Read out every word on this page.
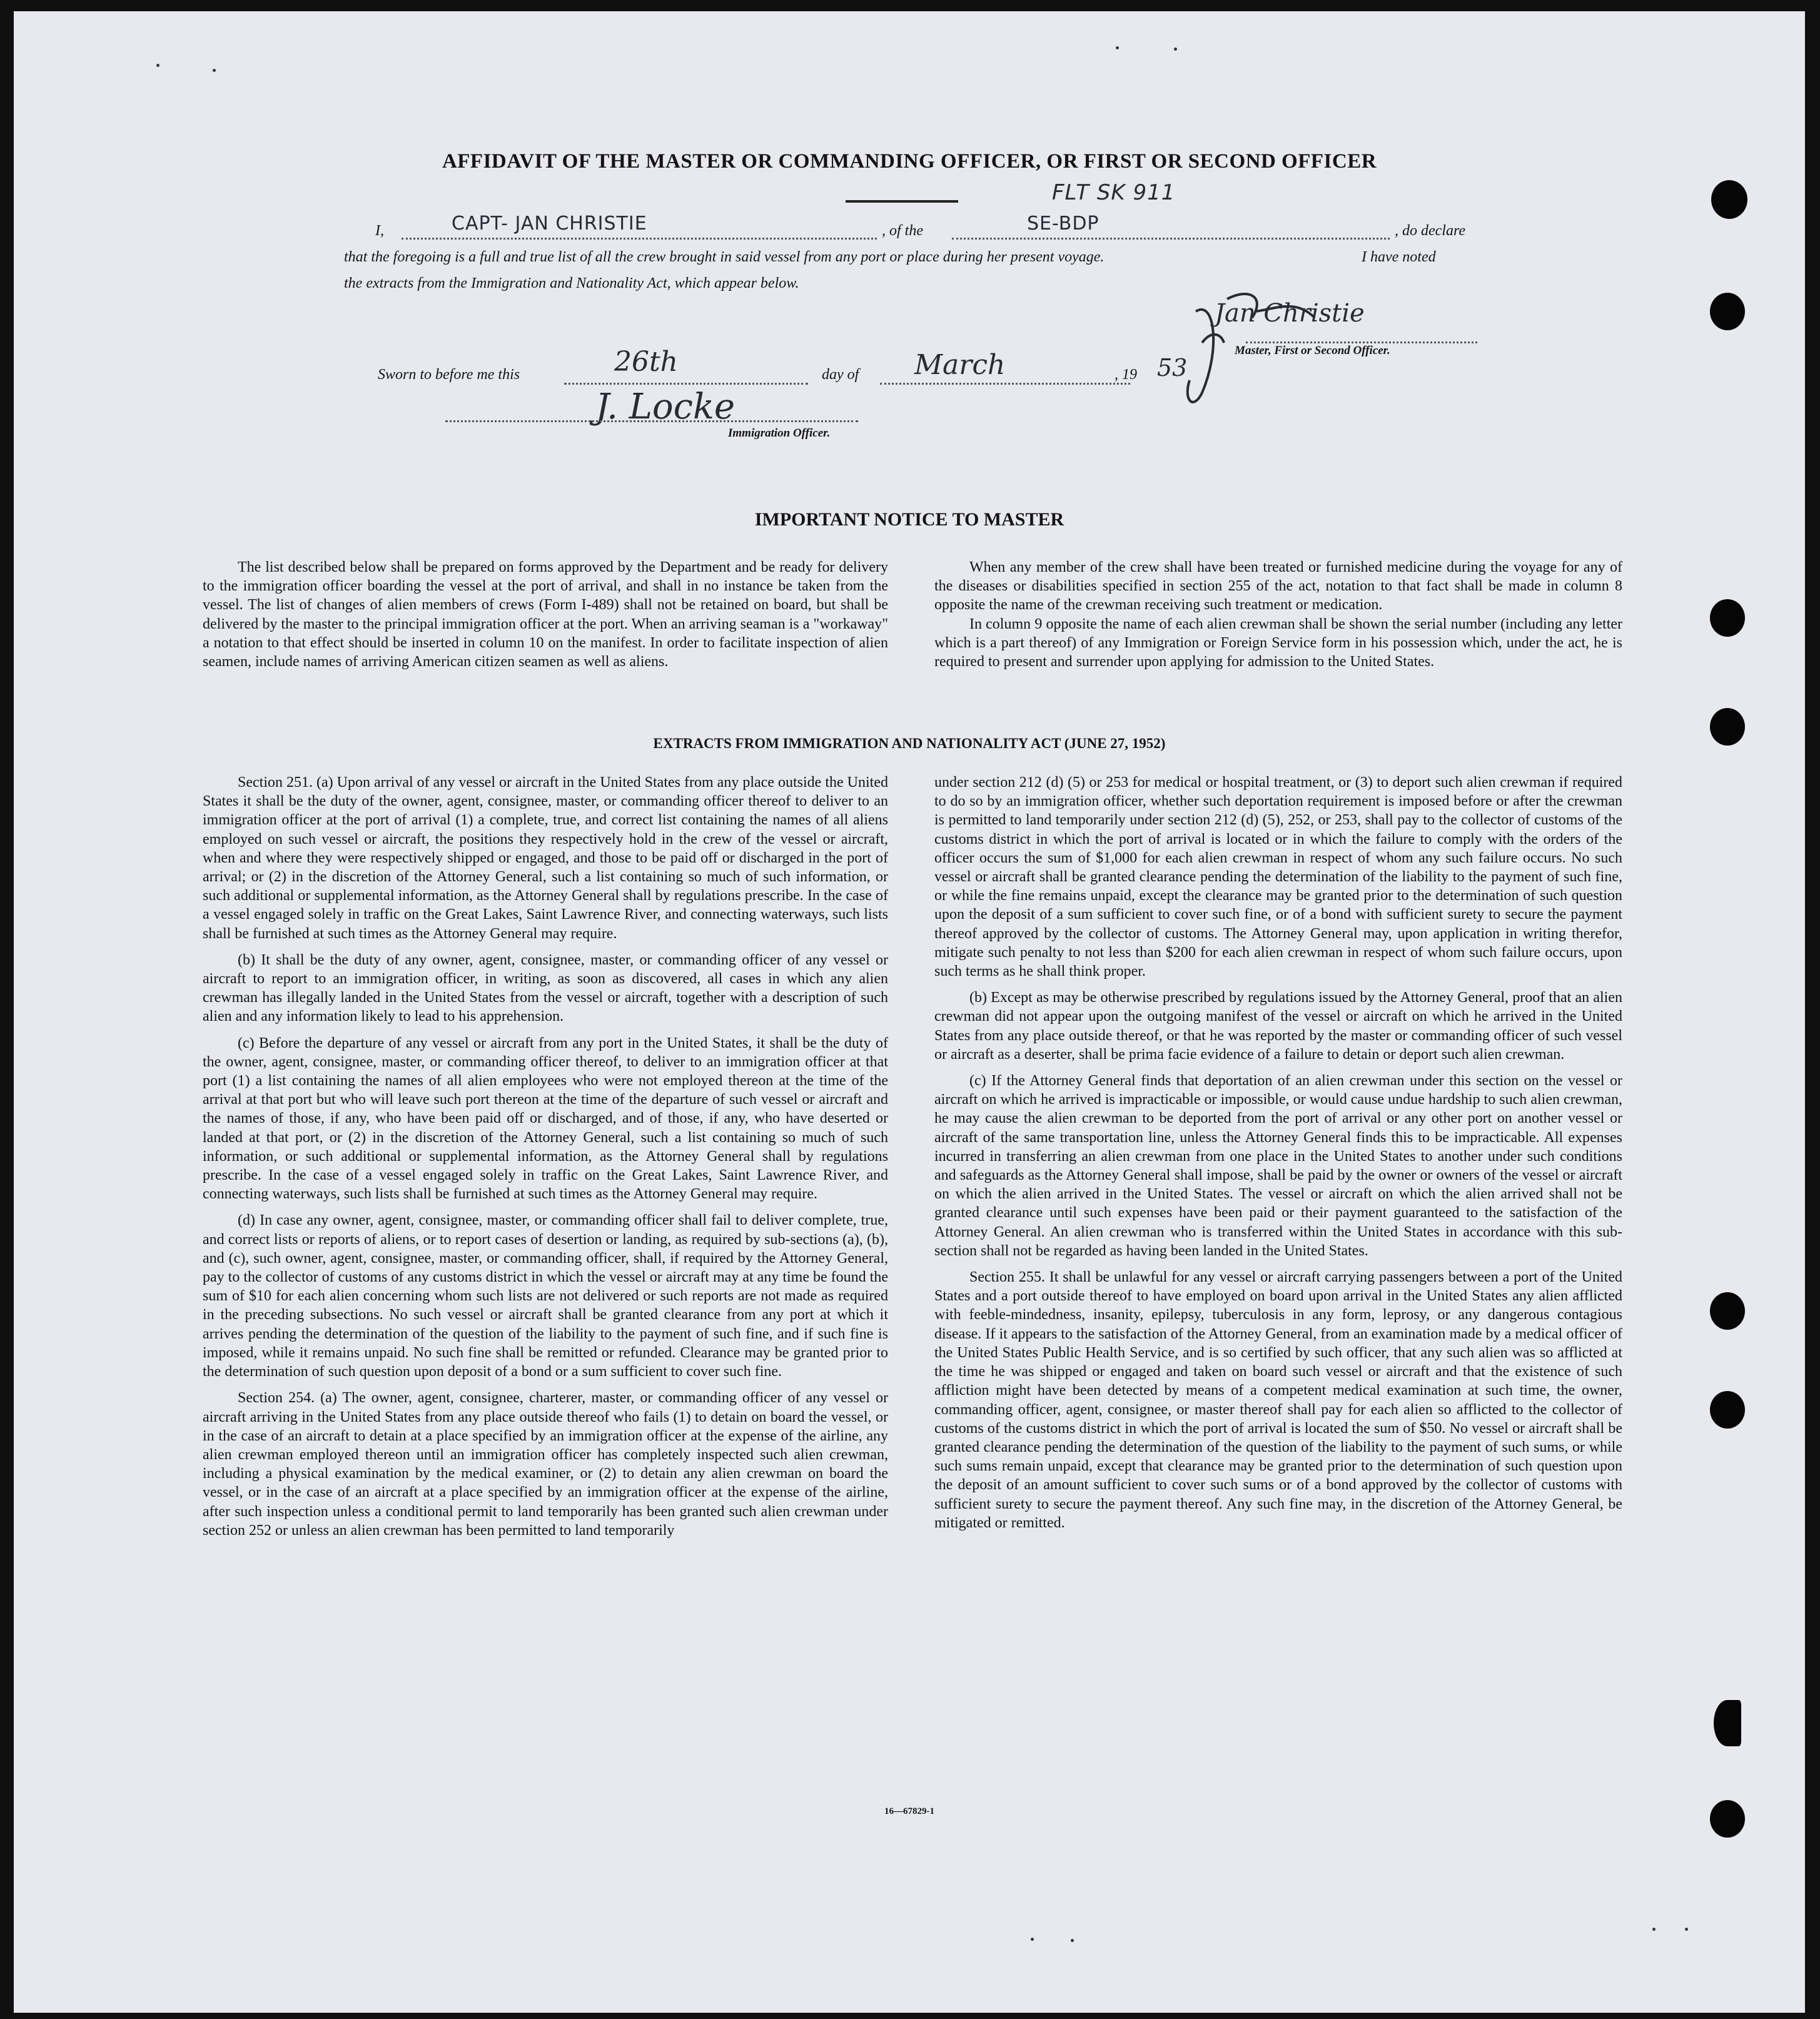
AFFIDAVIT OF THE MASTER OR COMMANDING OFFICER, OR FIRST OR SECOND OFFICER
I,	CAPT- JAN CHRISTIE	, of the
FLT SK 911
SE-BDP	, do declare
that the foregoing is a full and true list of all the crew brought in said vessel from any port or place during her present voyage.	I have noted
the extracts from the Immigration and Nationality Act, which appear below.
Jan Christie
Master, First or Second Officer.
Sworn to before me this	26th	day of March	, 19 53
J. Locke
Immigration Officer.
IMPORTANT NOTICE TO MASTER

The list described below shall be prepared on forms approved by the Department and be ready for delivery to the immigration officer boarding the vessel at the port of arrival, and shall in no instance be taken from the vessel. The list of changes of alien members of crews (Form I-489) shall not be retained on board, but shall be delivered by the master to the principal immigration officer at the port. When an arriving seaman is a "workaway" a notation to that effect should be inserted in column 10 on the manifest. In order to facilitate inspection of alien seamen, include names of arriving American citizen seamen as well as aliens.

When any member of the crew shall have been treated or furnished medicine during the voyage for any of the diseases or disabilities specified in section 255 of the act, notation to that fact shall be made in column 8 opposite the name of the crewman receiving such treatment or medication.

In column 9 opposite the name of each alien crewman shall be shown the serial number (including any letter which is a part thereof) of any Immigration or Foreign Service form in his possession which, under the act, he is required to present and surrender upon applying for admission to the United States.

EXTRACTS FROM IMMIGRATION AND NATIONALITY ACT (JUNE 27, 1952)

Section 251. (a) Upon arrival of any vessel or aircraft in the United States from any place outside the United States it shall be the duty of the owner, agent, consignee, master, or commanding officer thereof to deliver to an immigration officer at the port of arrival (1) a complete, true, and correct list containing the names of all aliens employed on such vessel or aircraft, the positions they respectively hold in the crew of the vessel or aircraft, when and where they were respectively shipped or engaged, and those to be paid off or discharged in the port of arrival; or (2) in the discretion of the Attorney General, such a list containing so much of such information, or such additional or supplemental information, as the Attorney General shall by regulations prescribe. In the case of a vessel engaged solely in traffic on the Great Lakes, Saint Lawrence River, and connecting waterways, such lists shall be furnished at such times as the Attorney General may require.

(b) It shall be the duty of any owner, agent, consignee, master, or commanding officer of any vessel or aircraft to report to an immigration officer, in writing, as soon as discovered, all cases in which any alien crewman has illegally landed in the United States from the vessel or aircraft, together with a description of such alien and any information likely to lead to his apprehension.

(c) Before the departure of any vessel or aircraft from any port in the United States, it shall be the duty of the owner, agent, consignee, master, or commanding officer thereof, to deliver to an immigration officer at that port (1) a list containing the names of all alien employees who were not employed thereon at the time of the arrival at that port but who will leave such port thereon at the time of the departure of such vessel or aircraft and the names of those, if any, who have been paid off or discharged, and of those, if any, who have deserted or landed at that port, or (2) in the discretion of the Attorney General, such a list containing so much of such information, or such additional or supplemental information, as the Attorney General shall by regulations prescribe. In the case of a vessel engaged solely in traffic on the Great Lakes, Saint Lawrence River, and connecting waterways, such lists shall be furnished at such times as the Attorney General may require.

(d) In case any owner, agent, consignee, master, or commanding officer shall fail to deliver complete, true, and correct lists or reports of aliens, or to report cases of desertion or landing, as required by sub-sections (a), (b), and (c), such owner, agent, consignee, master, or commanding officer, shall, if required by the Attorney General, pay to the collector of customs of any customs district in which the vessel or aircraft may at any time be found the sum of $10 for each alien concerning whom such lists are not delivered or such reports are not made as required in the preceding subsections. No such vessel or aircraft shall be granted clearance from any port at which it arrives pending the determination of the question of the liability to the payment of such fine, and if such fine is imposed, while it remains unpaid. No such fine shall be remitted or refunded. Clearance may be granted prior to the determination of such question upon deposit of a bond or a sum sufficient to cover such fine.

Section 254. (a) The owner, agent, consignee, charterer, master, or commanding officer of any vessel or aircraft arriving in the United States from any place outside thereof who fails (1) to detain on board the vessel, or in the case of an aircraft to detain at a place specified by an immigration officer at the expense of the airline, any alien crewman employed thereon until an immigration officer has completely inspected such alien crewman, including a physical examination by the medical examiner, or (2) to detain any alien crewman on board the vessel, or in the case of an aircraft at a place specified by an immigration officer at the expense of the airline, after such inspection unless a conditional permit to land temporarily has been granted such alien crewman under section 252 or unless an alien crewman has been permitted to land temporarily

under section 212 (d) (5) or 253 for medical or hospital treatment, or (3) to deport such alien crewman if required to do so by an immigration officer, whether such deportation requirement is imposed before or after the crewman is permitted to land temporarily under section 212 (d) (5), 252, or 253, shall pay to the collector of customs of the customs district in which the port of arrival is located or in which the failure to comply with the orders of the officer occurs the sum of $1,000 for each alien crewman in respect of whom any such failure occurs. No such vessel or aircraft shall be granted clearance pending the determination of the liability to the payment of such fine, or while the fine remains unpaid, except the clearance may be granted prior to the determination of such question upon the deposit of a sum sufficient to cover such fine, or of a bond with sufficient surety to secure the payment thereof approved by the collector of customs. The Attorney General may, upon application in writing therefor, mitigate such penalty to not less than $200 for each alien crewman in respect of whom such failure occurs, upon such terms as he shall think proper.

(b) Except as may be otherwise prescribed by regulations issued by the Attorney General, proof that an alien crewman did not appear upon the outgoing manifest of the vessel or aircraft on which he arrived in the United States from any place outside thereof, or that he was reported by the master or commanding officer of such vessel or aircraft as a deserter, shall be prima facie evidence of a failure to detain or deport such alien crewman.

(c) If the Attorney General finds that deportation of an alien crewman under this section on the vessel or aircraft on which he arrived is impracticable or impossible, or would cause undue hardship to such alien crewman, he may cause the alien crewman to be deported from the port of arrival or any other port on another vessel or aircraft of the same transportation line, unless the Attorney General finds this to be impracticable. All expenses incurred in transferring an alien crewman from one place in the United States to another under such conditions and safeguards as the Attorney General shall impose, shall be paid by the owner or owners of the vessel or aircraft on which the alien arrived in the United States. The vessel or aircraft on which the alien arrived shall not be granted clearance until such expenses have been paid or their payment guaranteed to the satisfaction of the Attorney General. An alien crewman who is transferred within the United States in accordance with this sub-section shall not be regarded as having been landed in the United States.

Section 255. It shall be unlawful for any vessel or aircraft carrying passengers between a port of the United States and a port outside thereof to have employed on board upon arrival in the United States any alien afflicted with feeble-mindedness, insanity, epilepsy, tuberculosis in any form, leprosy, or any dangerous contagious disease. If it appears to the satisfaction of the Attorney General, from an examination made by a medical officer of the United States Public Health Service, and is so certified by such officer, that any such alien was so afflicted at the time he was shipped or engaged and taken on board such vessel or aircraft and that the existence of such affliction might have been detected by means of a competent medical examination at such time, the owner, commanding officer, agent, consignee, or master thereof shall pay for each alien so afflicted to the collector of customs of the customs district in which the port of arrival is located the sum of $50. No vessel or aircraft shall be granted clearance pending the determination of the question of the liability to the payment of such sums, or while such sums remain unpaid, except that clearance may be granted prior to the determination of such question upon the deposit of an amount sufficient to cover such sums or of a bond approved by the collector of customs with sufficient surety to secure the payment thereof. Any such fine may, in the discretion of the Attorney General, be mitigated or remitted.

16—67829-1
